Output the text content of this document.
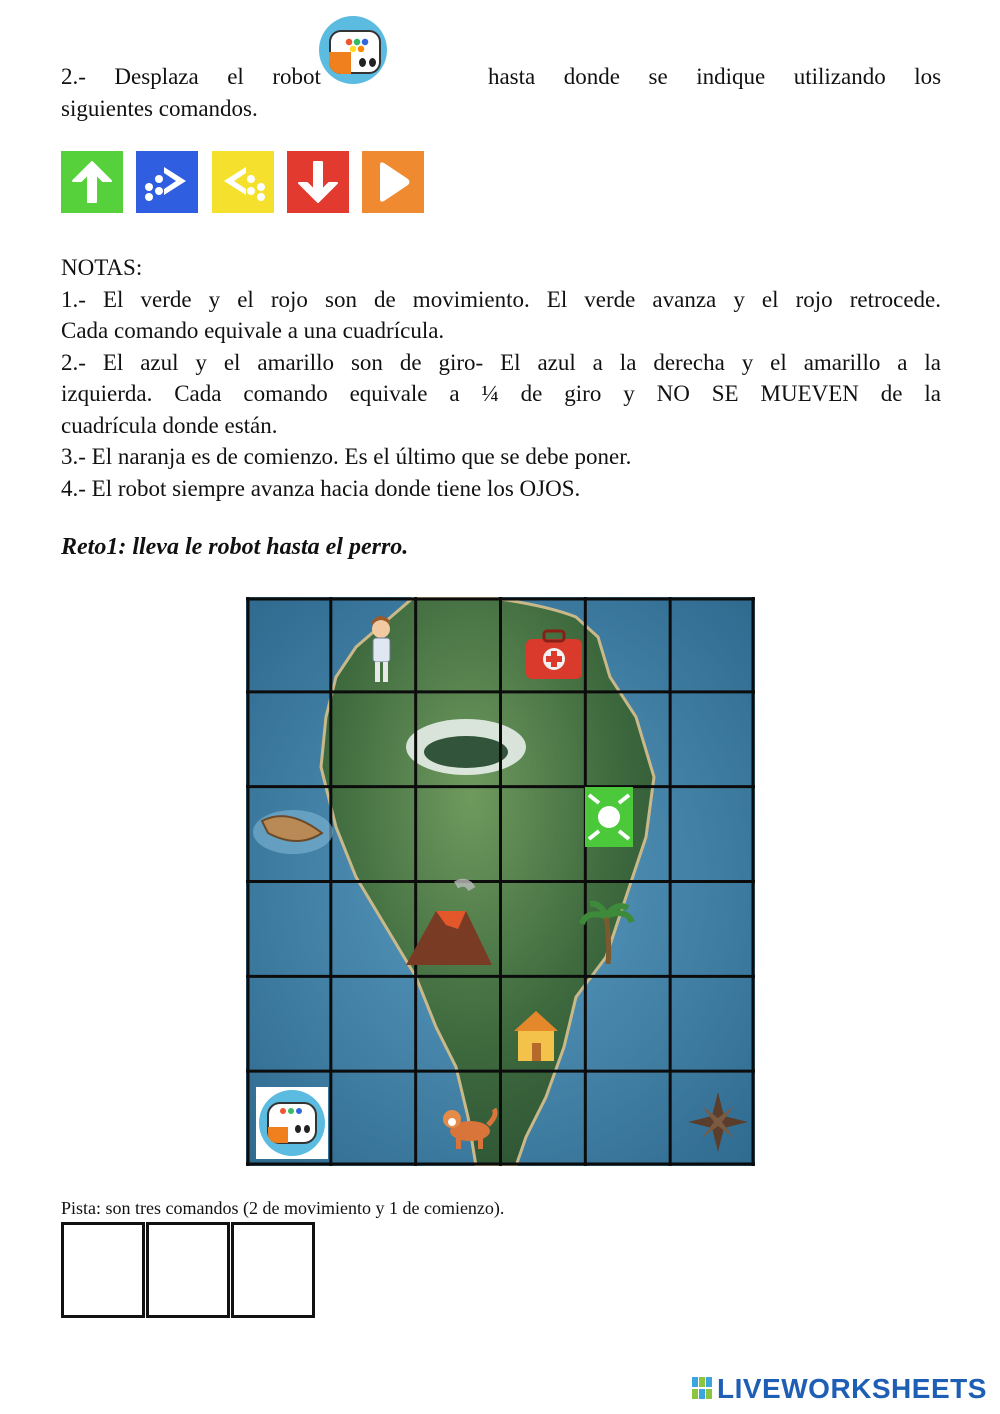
2.- Desplaza el robot	hasta donde se indique utilizando los
siguientes comandos.
NOTAS:
1.- El verde y el rojo son de movimiento. El verde avanza y el rojo retrocede.
Cada comando equivale a una cuadrícula.
2.- El azul y el amarillo son de giro- El azul a la derecha y el amarillo a la
izquierda. Cada comando equivale a ¼ de giro y NO SE MUEVEN de la
cuadrícula donde están.
3.- El naranja es de comienzo. Es el último que se debe poner.
4.- El robot siempre avanza hacia donde tiene los OJOS.
Reto1: lleva le robot hasta el perro.
Pista: son tres comandos (2 de movimiento y 1 de comienzo).
LIVEWORKSHEETS
